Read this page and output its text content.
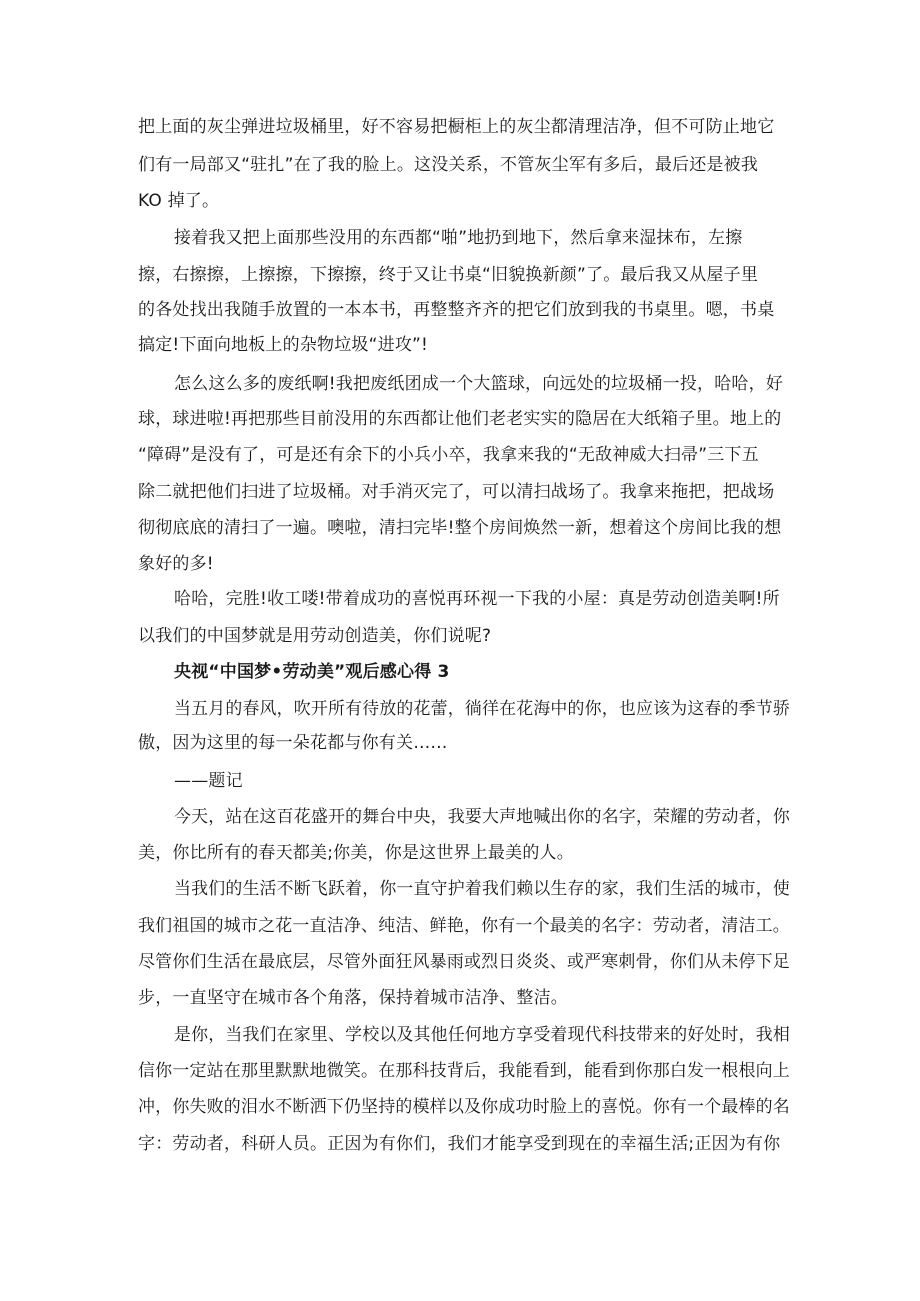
把上面的灰尘弹进垃圾桶里，好不容易把橱柜上的灰尘都清理洁净，但不可防止地它
们有一局部又“驻扎”在了我的脸上。这没关系，不管灰尘军有多后，最后还是被我
KO 掉了。
接着我又把上面那些没用的东西都“啪”地扔到地下，然后拿来湿抹布，左擦
擦，右擦擦，上擦擦，下擦擦，终于又让书桌“旧貌换新颜”了。最后我又从屋子里
的各处找出我随手放置的一本本书，再整整齐齐的把它们放到我的书桌里。嗯，书桌
搞定!下面向地板上的杂物垃圾“进攻”!
怎么这么多的废纸啊!我把废纸团成一个大篮球，向远处的垃圾桶一投，哈哈，好
球，球进啦!再把那些目前没用的东西都让他们老老实实的隐居在大纸箱子里。地上的
“障碍”是没有了，可是还有余下的小兵小卒，我拿来我的“无敌神威大扫帚”三下五
除二就把他们扫进了垃圾桶。对手消灭完了，可以清扫战场了。我拿来拖把，把战场
彻彻底底的清扫了一遍。噢啦，清扫完毕!整个房间焕然一新，想着这个房间比我的想
象好的多!
哈哈，完胜!收工喽!带着成功的喜悦再环视一下我的小屋：真是劳动创造美啊!所
以我们的中国梦就是用劳动创造美，你们说呢?
央视“中国梦•劳动美”观后感心得 3
当五月的春风，吹开所有待放的花蕾，徜徉在花海中的你，也应该为这春的季节骄
傲，因为这里的每一朵花都与你有关……
——题记
今天，站在这百花盛开的舞台中央，我要大声地喊出你的名字，荣耀的劳动者，你
美，你比所有的春天都美;你美，你是这世界上最美的人。
当我们的生活不断飞跃着，你一直守护着我们赖以生存的家，我们生活的城市，使
我们祖国的城市之花一直洁净、纯洁、鲜艳，你有一个最美的名字：劳动者，清洁工。
尽管你们生活在最底层，尽管外面狂风暴雨或烈日炎炎、或严寒刺骨，你们从未停下足
步，一直坚守在城市各个角落，保持着城市洁净、整洁。
是你，当我们在家里、学校以及其他任何地方享受着现代科技带来的好处时，我相
信你一定站在那里默默地微笑。在那科技背后，我能看到，能看到你那白发一根根向上
冲，你失败的泪水不断洒下仍坚持的模样以及你成功时脸上的喜悦。你有一个最棒的名
字：劳动者，科研人员。正因为有你们，我们才能享受到现在的幸福生活;正因为有你
